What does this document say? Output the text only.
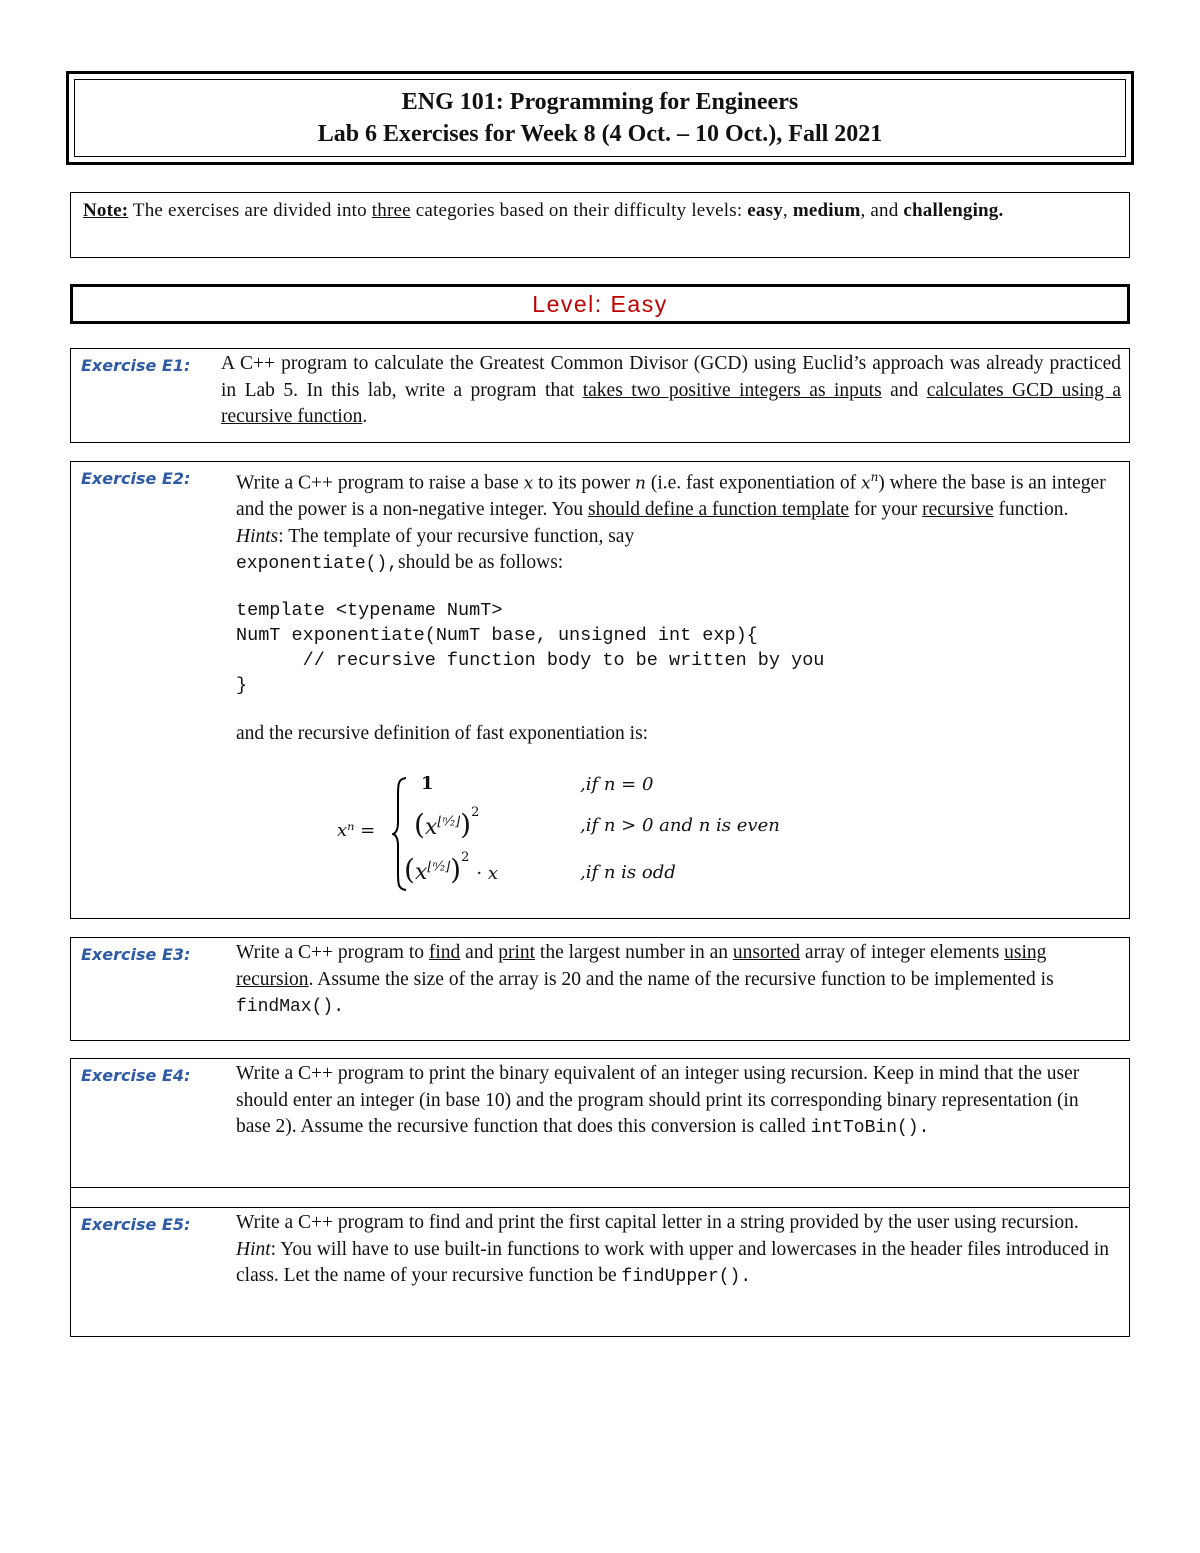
ENG 101: Programming for Engineers
Lab 6 Exercises for Week 8 (4 Oct. – 10 Oct.), Fall 2021
Note: The exercises are divided into three categories based on their difficulty levels: easy, medium, and challenging.
Level: Easy
Exercise E1: A C++ program to calculate the Greatest Common Divisor (GCD) using Euclid’s approach was already practiced in Lab 5. In this lab, write a program that takes two positive integers as inputs and calculates GCD using a recursive function.
Exercise E2: Write a C++ program to raise a base x to its power n (i.e. fast exponentiation of $x^n$) where the base is an integer and the power is a non-negative integer. You should define a function template for your recursive function. Hints: The template of your recursive function, say
exponentiate(),should be as follows:
template <typename NumT>
NumT exponentiate(NumT base, unsigned int exp){
// recursive function body to be written by you
}
and the recursive definition of fast exponentiation is:
xⁿ =
1	,if n = 0
$(x^{⌊^n⁄_2⌋})^2$
,if n > 0 and n is even
$(x^{⌊^n⁄_2⌋})^2 \cdot x$	,if n is odd
Exercise E3: Write a C++ program to find and print the largest number in an unsorted array of integer elements using recursion. Assume the size of the array is 20 and the name of the recursive function to be implemented is findMax().
Exercise E4: Write a C++ program to print the binary equivalent of an integer using recursion. Keep in mind that the user should enter an integer (in base 10) and the program should print its corresponding binary representation (in base 2). Assume the recursive function that does this conversion is called intToBin().
Exercise E5: Write a C++ program to find and print the first capital letter in a string provided by the user using recursion. Hint: You will have to use built-in functions to work with upper and lowercases in the header files introduced in class. Let the name of your recursive function be findUpper().
